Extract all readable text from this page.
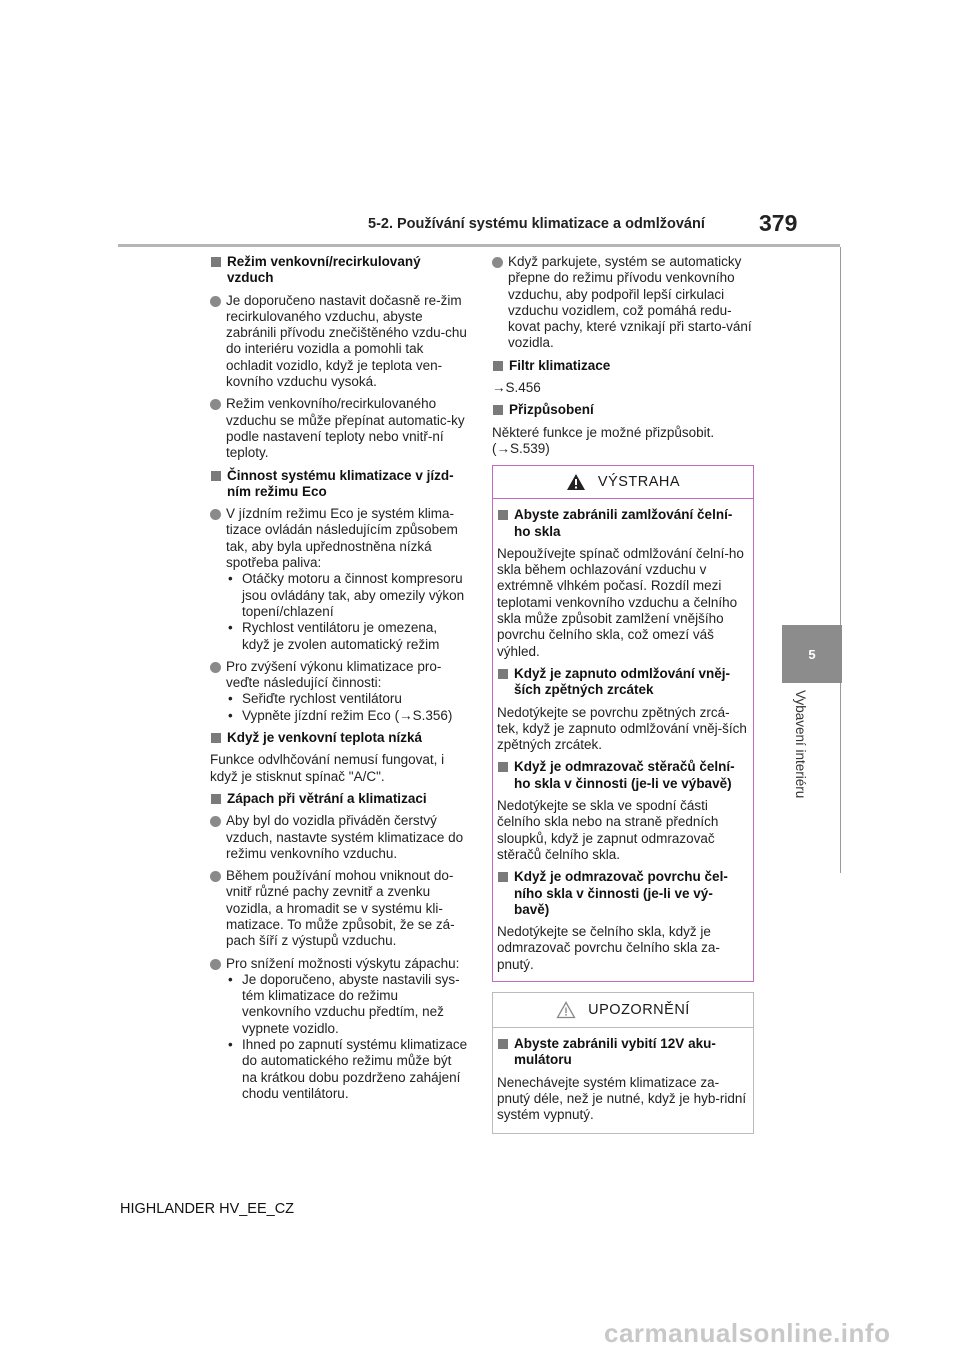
5-2. Používání systému klimatizace a odmlžování 379
5
Vybavení interiéru
Režim venkovní/recirkulovaný vzduch
Je doporučeno nastavit dočasně re-žim recirkulovaného vzduchu, abyste zabránili přívodu znečištěného vzdu-chu do interiéru vozidla a pomohli tak ochladit vozidlo, když je teplota ven-kovního vzduchu vysoká.
Režim venkovního/recirkulovaného vzduchu se může přepínat automatic-ky podle nastavení teploty nebo vnitř-ní teploty.
Činnost systému klimatizace v jízd-ním režimu Eco
V jízdním režimu Eco je systém klima-tizace ovládán následujícím způsobem tak, aby byla upřednostněna nízká spotřeba paliva:
• Otáčky motoru a činnost kompresoru jsou ovládány tak, aby omezily výkon topení/chlazení
• Rychlost ventilátoru je omezena, když je zvolen automatický režim
Pro zvýšení výkonu klimatizace pro-veďte následující činnosti:
• Seřiďte rychlost ventilátoru
• Vypněte jízdní režim Eco (→S.356)
Když je venkovní teplota nízká
Funkce odvlhčování nemusí fungovat, i když je stisknut spínač "A/C".
Zápach při větrání a klimatizaci
Aby byl do vozidla přiváděn čerstvý vzduch, nastavte systém klimatizace do režimu venkovního vzduchu.
Během používání mohou vniknout do-vnitř různé pachy zevnitř a zvenku vozidla, a hromadit se v systému kli-matizace. To může způsobit, že se zá-pach šíří z výstupů vzduchu.
Pro snížení možnosti výskytu zápachu:
• Je doporučeno, abyste nastavili sys-tém klimatizace do režimu venkovního vzduchu předtím, než vypnete vozidlo.
• Ihned po zapnutí systému klimatizace do automatického režimu může být na krátkou dobu pozdrženo zahájení chodu ventilátoru.
Když parkujete, systém se automaticky přepne do režimu přívodu venkovního vzduchu, aby podpořil lepší cirkulaci vzduchu vozidlem, což pomáhá redu-kovat pachy, které vznikají při starto-vání vozidla.
Filtr klimatizace
→S.456
Přizpůsobení
Některé funkce je možné přizpůsobit. (→S.539)
VÝSTRAHA
Abyste zabránili zamlžování čelní-ho skla
Nepoužívejte spínač odmlžování čelní-ho skla během ochlazování vzduchu v extrémně vlhkém počasí. Rozdíl mezi teplotami venkovního vzduchu a čelního skla může způsobit zamlžení vnějšího povrchu čelního skla, což omezí váš výhled.
Když je zapnuto odmlžování vněj-ších zpětných zrcátek
Nedotýkejte se povrchu zpětných zrcá-tek, když je zapnuto odmlžování vněj-ších zpětných zrcátek.
Když je odmrazovač stěračů čelní-ho skla v činnosti (je-li ve výbavě)
Nedotýkejte se skla ve spodní části čelního skla nebo na straně předních sloupků, když je zapnut odmrazovač stěračů čelního skla.
Když je odmrazovač povrchu čel-ního skla v činnosti (je-li ve vý-bavě)
Nedotýkejte se čelního skla, když je odmrazovač povrchu čelního skla za-pnutý.
UPOZORNĚNÍ
Abyste zabránili vybití 12V aku-mulátoru
Nenechávejte systém klimatizace za-pnutý déle, než je nutné, když je hyb-ridní systém vypnutý.
HIGHLANDER HV_EE_CZ
carmanualsonline.info
